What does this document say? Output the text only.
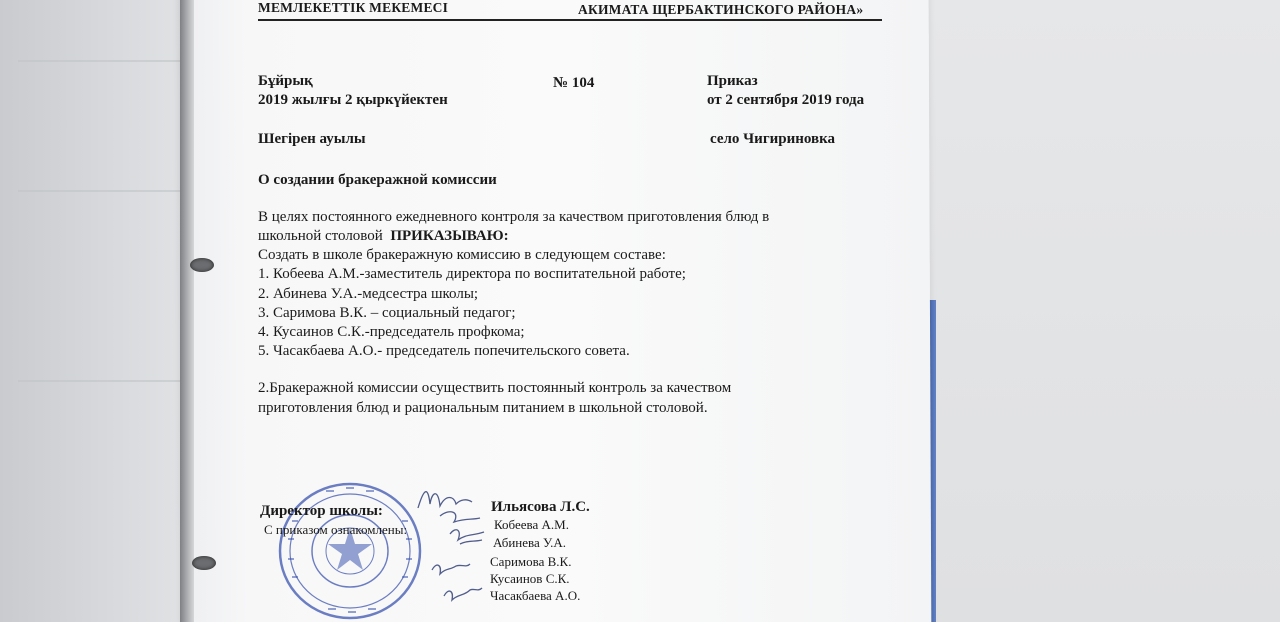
МЕМЛЕКЕТТІК МЕКЕМЕСІ	АКИМАТА ЩЕРБАКТИНСКОГО РАЙОНА»
Бұйрық
2019 жылғы 2 қыркүйектен
№ 104	Приказ
от 2 сентября 2019 года
Шегірен ауылы	село Чигириновка
О создании бракеражной комиссии
В целях постоянного ежедневного контроля за качеством приготовления блюд в
школьной столовой ПРИКАЗЫВАЮ:
Создать в школе бракеражную комиссию в следующем составе:
1. Кобеева А.М.-заместитель директора по воспитательной работе;
2. Абинева У.А.-медсестра школы;
3. Саримова В.К. – социальный педагог;
4. Кусаинов С.К.-председатель профкома;
5. Часакбаева А.О.- председатель попечительского совета.
2.Бракеражной комиссии осуществить постоянный контроль за качеством
приготовления блюд и рациональным питанием в школьной столовой.
Директор школы:	Ильясова Л.С.
С приказом ознакомлены:	Кобеева А.М.
Абинева У.А.
Саримова В.К.
Кусаинов С.К.
Часакбаева А.О.
